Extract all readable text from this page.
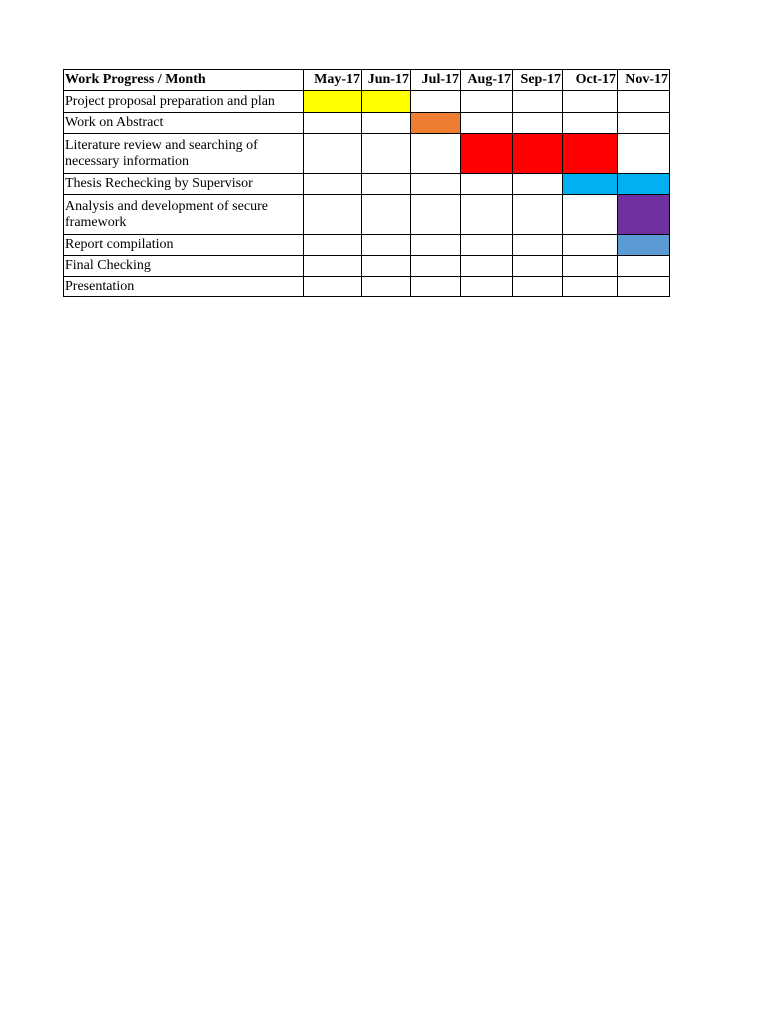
Work Progress / Month	May-17	Jun-17	Jul-17	Aug-17	Sep-17	Oct-17	Nov-17
Project proposal preparation and plan							
Work on Abstract							
Literature review and searching of necessary information							
Thesis Rechecking by Supervisor							
Analysis and development of secure framework							
Report compilation							
Final Checking							
Presentation							
